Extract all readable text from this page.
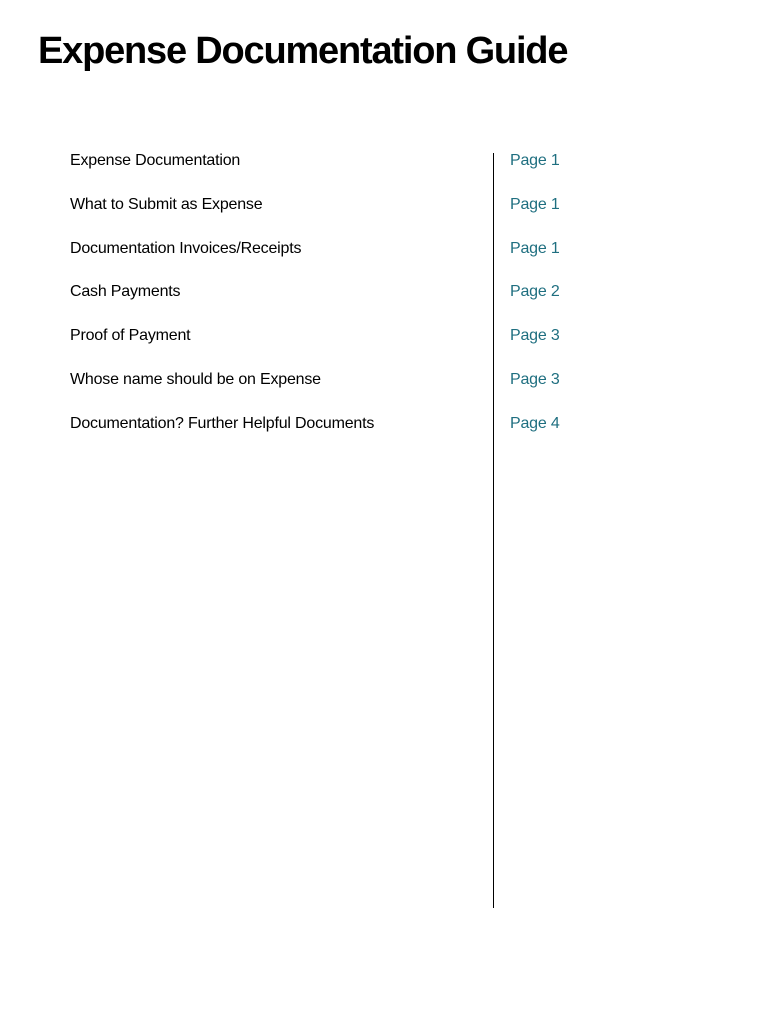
Expense Documentation Guide
Expense Documentation	Page 1
What to Submit as Expense	Page 1
Documentation Invoices/Receipts	Page 1
Cash Payments	Page 2
Proof of Payment	Page 3
Whose name should be on Expense	Page 3
Documentation? Further Helpful Documents	Page 4
